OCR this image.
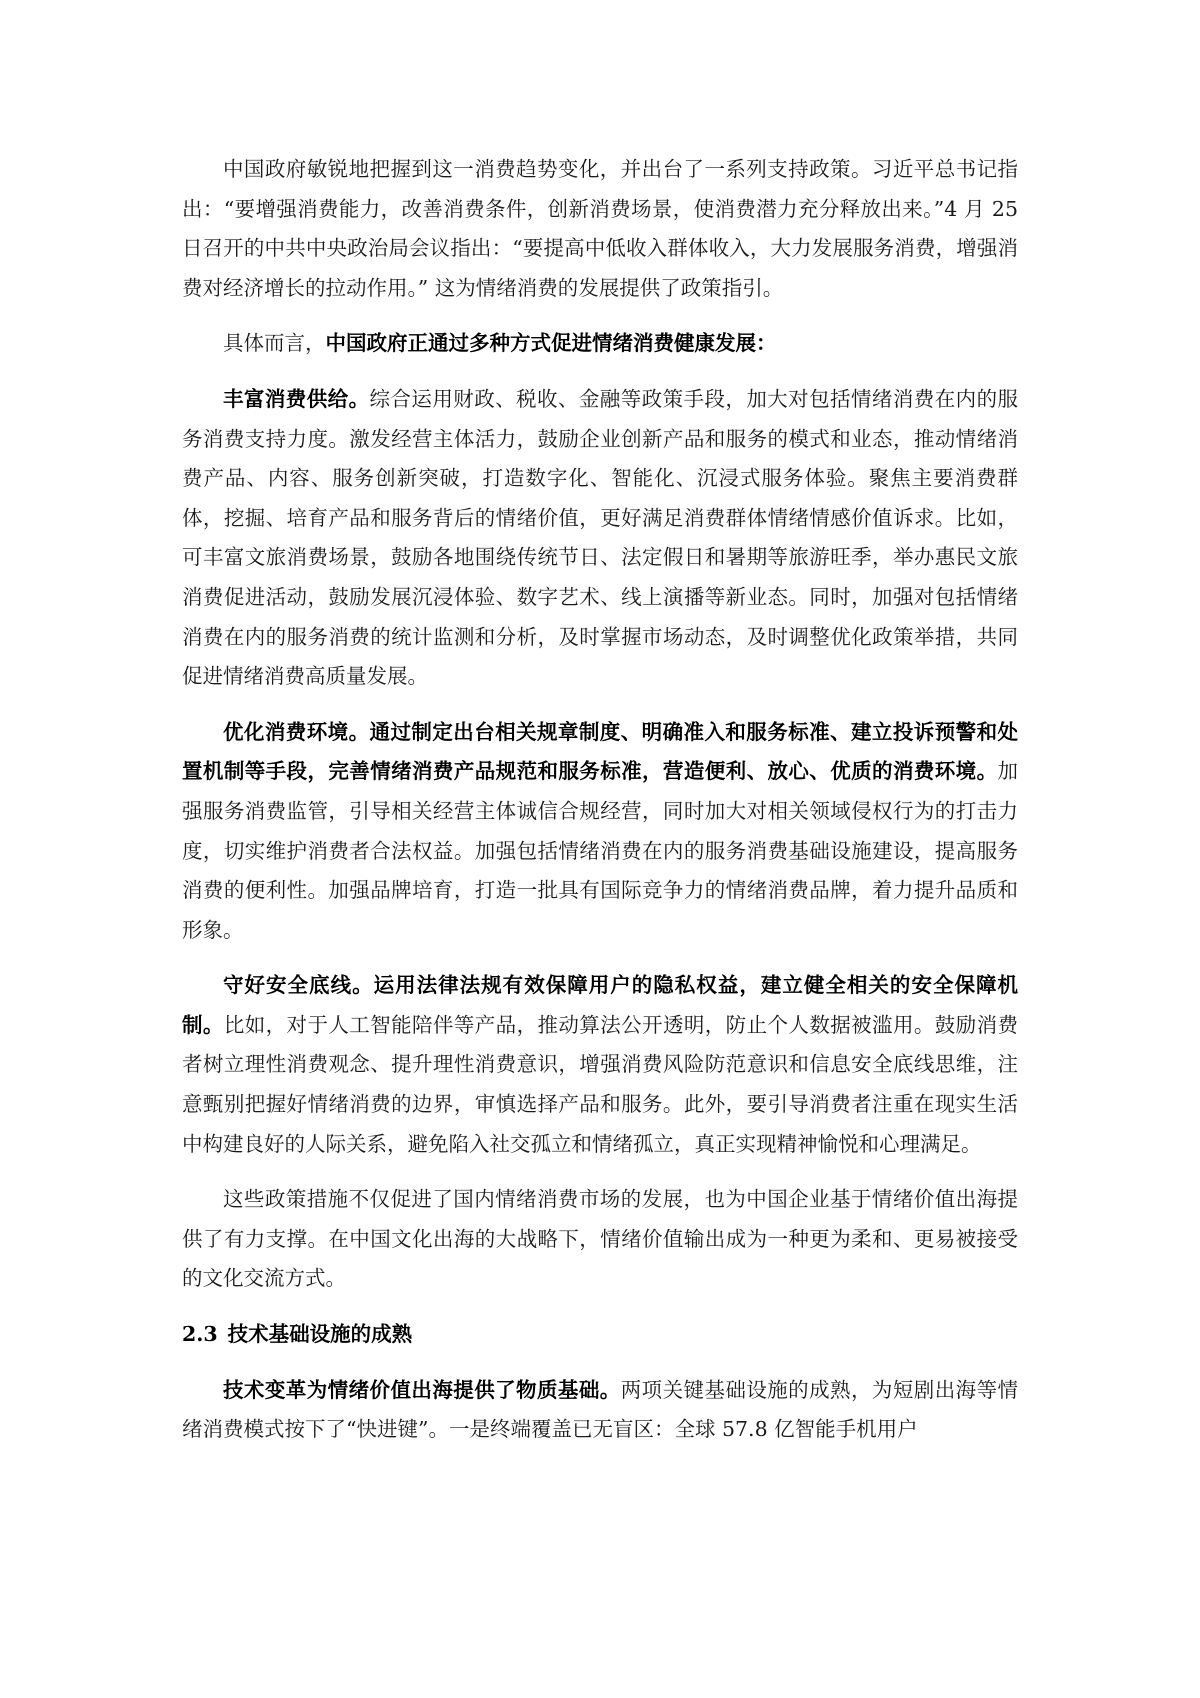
中国政府敏锐地把握到这一消费趋势变化，并出台了一系列支持政策。习近平总书记指出：“要增强消费能力，改善消费条件，创新消费场景，使消费潜力充分释放出来。”4 月 25 日召开的中共中央政治局会议指出：“要提高中低收入群体收入，大力发展服务消费，增强消费对经济增长的拉动作用。” 这为情绪消费的发展提供了政策指引。

具体而言，中国政府正通过多种方式促进情绪消费健康发展：

丰富消费供给。综合运用财政、税收、金融等政策手段，加大对包括情绪消费在内的服务消费支持力度。激发经营主体活力，鼓励企业创新产品和服务的模式和业态，推动情绪消费产品、内容、服务创新突破，打造数字化、智能化、沉浸式服务体验。聚焦主要消费群体，挖掘、培育产品和服务背后的情绪价值，更好满足消费群体情绪情感价值诉求。比如，可丰富文旅消费场景，鼓励各地围绕传统节日、法定假日和暑期等旅游旺季，举办惠民文旅消费促进活动，鼓励发展沉浸体验、数字艺术、线上演播等新业态。同时，加强对包括情绪消费在内的服务消费的统计监测和分析，及时掌握市场动态，及时调整优化政策举措，共同促进情绪消费高质量发展。

优化消费环境。通过制定出台相关规章制度、明确准入和服务标准、建立投诉预警和处置机制等手段，完善情绪消费产品规范和服务标准，营造便利、放心、优质的消费环境。加强服务消费监管，引导相关经营主体诚信合规经营，同时加大对相关领域侵权行为的打击力度，切实维护消费者合法权益。加强包括情绪消费在内的服务消费基础设施建设，提高服务消费的便利性。加强品牌培育，打造一批具有国际竞争力的情绪消费品牌，着力提升品质和形象。

守好安全底线。运用法律法规有效保障用户的隐私权益，建立健全相关的安全保障机制。比如，对于人工智能陪伴等产品，推动算法公开透明，防止个人数据被滥用。鼓励消费者树立理性消费观念、提升理性消费意识，增强消费风险防范意识和信息安全底线思维，注意甄别把握好情绪消费的边界，审慎选择产品和服务。此外，要引导消费者注重在现实生活中构建良好的人际关系，避免陷入社交孤立和情绪孤立，真正实现精神愉悦和心理满足。

这些政策措施不仅促进了国内情绪消费市场的发展，也为中国企业基于情绪价值出海提供了有力支撑。在中国文化出海的大战略下，情绪价值输出成为一种更为柔和、更易被接受的文化交流方式。

2.3 技术基础设施的成熟

技术变革为情绪价值出海提供了物质基础。两项关键基础设施的成熟，为短剧出海等情绪消费模式按下了“快进键”。一是终端覆盖已无盲区：全球 57.8 亿智能手机用户
